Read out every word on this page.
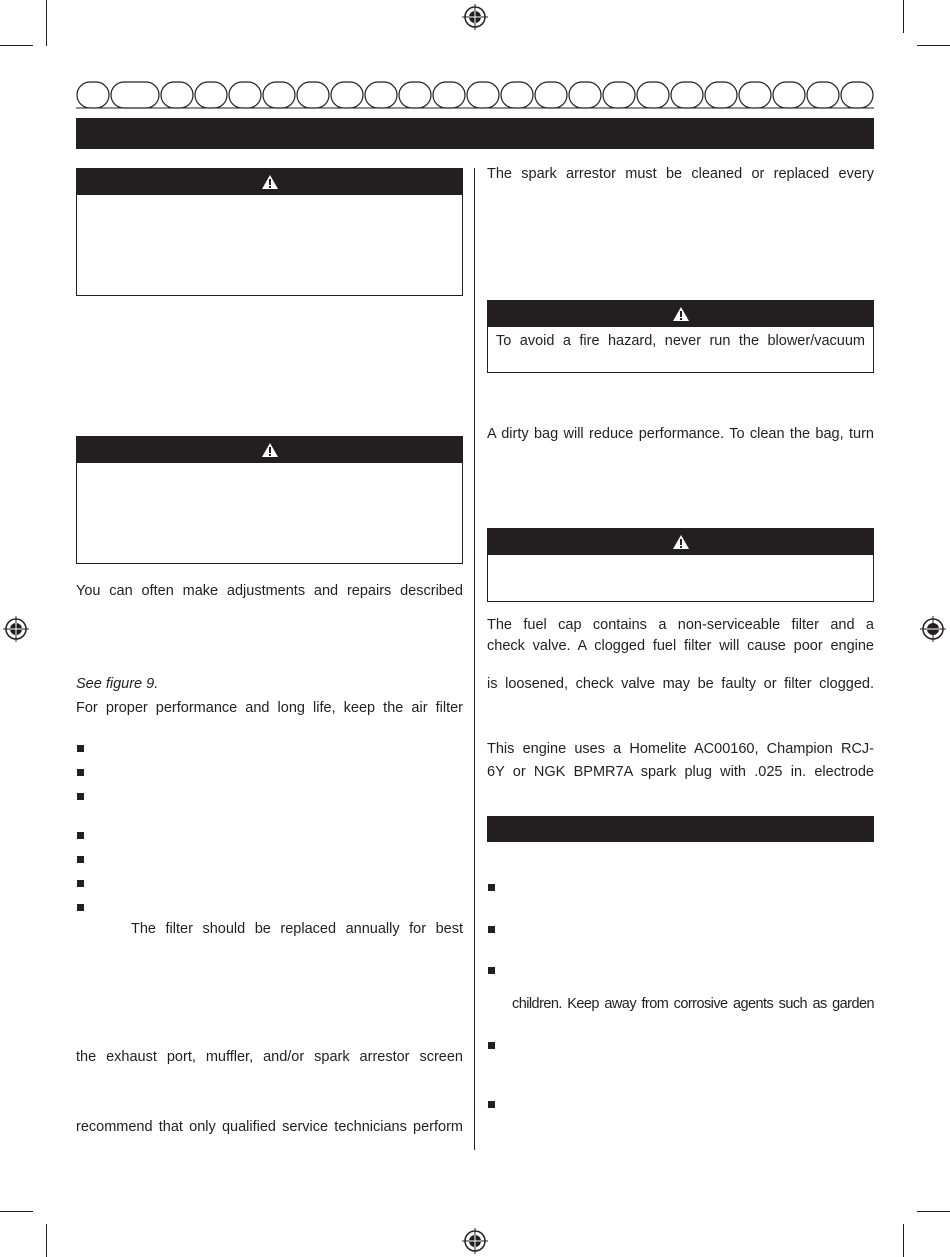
You can often make adjustments and repairs described
See figure 9.
For proper performance and long life, keep the air filter
The filter should be replaced annually for best
the exhaust port, muffler, and/or spark arrestor screen
recommend that only qualified service technicians perform
The spark arrestor must be cleaned or replaced every
To avoid a fire hazard, never run the blower/vacuum
A dirty bag will reduce performance. To clean the bag, turn
The fuel cap contains a non-serviceable filter and a
check valve. A clogged fuel filter will cause poor engine
is loosened, check valve may be faulty or filter clogged.
This engine uses a Homelite AC00160, Champion RCJ-
6Y or NGK BPMR7A spark plug with .025 in. electrode
children. Keep away from corrosive agents such as garden
